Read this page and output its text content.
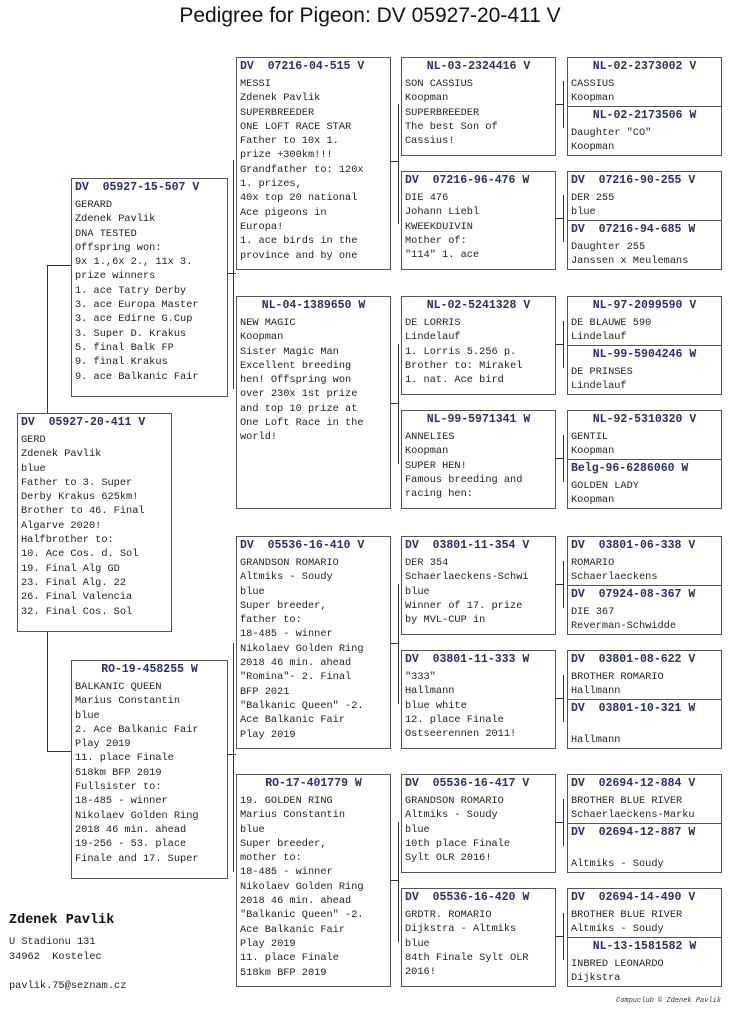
Pedigree for Pigeon: DV 05927-20-411 V
DV  05927-20-411 V
GERD
Zdenek Pavlik
blue
Father to 3. Super
Derby Krakus 625km!
Brother to 46. Final
Algarve 2020!
Halfbrother to:
10. Ace Cos. d. Sol
19. Final Alg GD
23. Final Alg. 22
26. Final Valencia
32. Final Cos. Sol
DV  05927-15-507 V
GERARD
Zdenek Pavlik
DNA TESTED
Offspring won:
9x 1.,6x 2., 11x 3.
prize winners
1. ace Tatry Derby
3. ace Europa Master
3. ace Edirne G.Cup
3. Super D. Krakus
5. final Balk FP
9. final Krakus
9. ace Balkanic Fair
RO-19-458255 W
BALKANIC QUEEN
Marius Constantin
blue
2. Ace Balkanic Fair
Play 2019
11. place Finale
518km BFP 2019
Fullsister to:
18-485 - winner
Nikolaev Golden Ring
2018 46 min. ahead
19-256 - 53. place
Finale and 17. Super
DV  07216-04-515 V
MESSI
Zdenek Pavlik
SUPERBREEDER
ONE LOFT RACE STAR
Father to 10x 1.
prize +300km!!!
Grandfather to: 120x
1. prizes,
40x top 20 national
Ace pigeons in
Europa!
1. ace birds in the
province and by one
NL-04-1389650 W
NEW MAGIC
Koopman
Sister Magic Man
Excellent breeding
hen! Offspring won
over 230x 1st prize
and top 10 prize at
One Loft Race in the
world!
DV  05536-16-410 V
GRANDSON ROMARIO
Altmiks - Soudy
blue
Super breeder,
father to:
18-485 - winner
Nikolaev Golden Ring
2018 46 min. ahead
"Romina"- 2. Final
BFP 2021
"Balkanic Queen" -2.
Ace Balkanic Fair
Play 2019
RO-17-401779 W
19. GOLDEN RING
Marius Constantin
blue
Super breeder,
mother to:
18-485 - winner
Nikolaev Golden Ring
2018 46 min. ahead
"Balkanic Queen" -2.
Ace Balkanic Fair
Play 2019
11. place Finale
518km BFP 2019
NL-03-2324416 V
SON CASSIUS
Koopman
SUPERBREEDER
The best Son of
Cassius!
DV  07216-96-476 W
DIE 476
Johann Liebl
KWEEKDUIVIN
Mother of:
"114" 1. ace
NL-02-5241328 V
DE LORRIS
Lindelauf
1. Lorris 5.256 p.
Brother to: Mirakel
1. nat. Ace bird
NL-99-5971341 W
ANNELIES
Koopman
SUPER HEN!
Famous breeding and
racing hen:
DV  03801-11-354 V
DER 354
Schaerlaeckens-Schwi
blue
Winner of 17. prize
by MVL-CUP in
DV  03801-11-333 W
"333"
Hallmann
blue white
12. place Finale
Ostseerennen 2011!
DV  05536-16-417 V
GRANDSON ROMARIO
Altmiks - Soudy
blue
10th place Finale
Sylt OLR 2016!
DV  05536-16-420 W
GRDTR. ROMARIO
Dijkstra - Altmiks
blue
84th Finale Sylt OLR
2016!
NL-02-2373002 V
CASSIUS
Koopman
NL-02-2173506 W
Daughter "CO"
Koopman
DV  07216-90-255 V
DER 255
blue
DV  07216-94-685 W
Daughter 255
Janssen x Meulemans
NL-97-2099590 V
DE BLAUWE 590
Lindelauf
NL-99-5904246 W
DE PRINSES
Lindelauf
NL-92-5310320 V
GENTIL
Koopman
Belg-96-6286060 W
GOLDEN LADY
Koopman
DV  03801-06-338 V
ROMARIO
Schaerlaeckens
DV  07924-08-367 W
DIE 367
Reverman-Schwidde
DV  03801-08-622 V
BROTHER ROMARIO
Hallmann
DV  03801-10-321 W

Hallmann
DV  02694-12-884 V
BROTHER BLUE RIVER
Schaerlaeckens-Marku
DV  02694-12-887 W

Altmiks - Soudy
DV  02694-14-490 V
BROTHER BLUE RIVER
Altmiks - Soudy
NL-13-1581582 W
INBRED LEONARDO
Dijkstra
Zdenek Pavlik
U Stadionu 131
34962  Kostelec
pavlik.75@seznam.cz
Compuclub © Zdenek Pavlik
